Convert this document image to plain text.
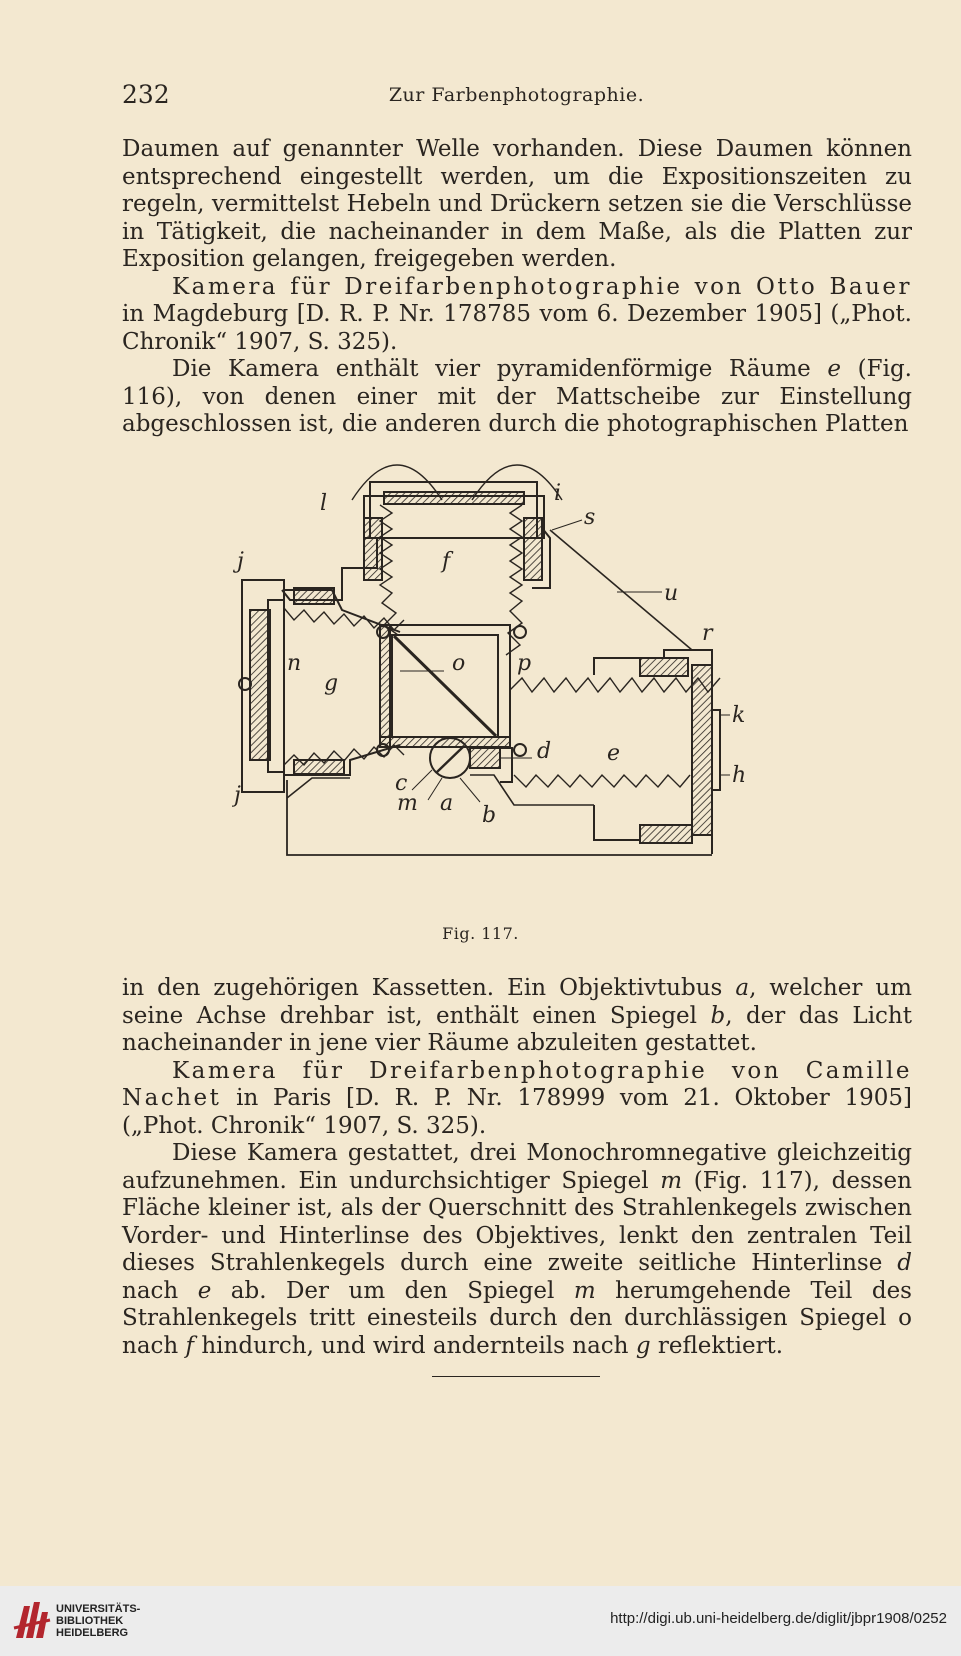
232	Zur Farbenphotographie.

Daumen auf genannter Welle vorhanden. Diese Daumen können entsprechend eingestellt werden, um die Expositionszeiten zu regeln, vermittelst Hebeln und Drückern setzen sie die Verschlüsse in Tätigkeit, die nacheinander in dem Maße, als die Platten zur Exposition gelangen, freigegeben werden.

Kamera für Dreifarbenphotographie von Otto Bauer in Magdeburg [D. R. P. Nr. 178785 vom 6. Dezember 1905] („Phot. Chronik“ 1907, S. 325).

Die Kamera enthält vier pyramidenförmige Räume e (Fig. 116), von denen einer mit der Mattscheibe zur Einstellung abgeschlossen ist, die anderen durch die photographischen Platten

l	i
s
f
u
r
j
n
g
o p
k
e
d
h
c
m a b
j
Fig. 117.

in den zugehörigen Kassetten. Ein Objektivtubus a, welcher um seine Achse drehbar ist, enthält einen Spiegel b, der das Licht nacheinander in jene vier Räume abzuleiten gestattet.

Kamera für Dreifarbenphotographie von Camille Nachet in Paris [D. R. P. Nr. 178999 vom 21. Oktober 1905] („Phot. Chronik“ 1907, S. 325).

Diese Kamera gestattet, drei Monochromnegative gleichzeitig aufzunehmen. Ein undurchsichtiger Spiegel m (Fig. 117), dessen Fläche kleiner ist, als der Querschnitt des Strahlenkegels zwischen Vorder- und Hinterlinse des Objektives, lenkt den zentralen Teil dieses Strahlenkegels durch eine zweite seitliche Hinterlinse d nach e ab. Der um den Spiegel m herumgehende Teil des Strahlenkegels tritt einesteils durch den durchlässigen Spiegel o nach f hindurch, und wird andernteils nach g reflektiert.

UNIVERSITÄTS-
BIBLIOTHEK
HEIDELBERG
http://digi.ub.uni-heidelberg.de/diglit/jbpr1908/0252
